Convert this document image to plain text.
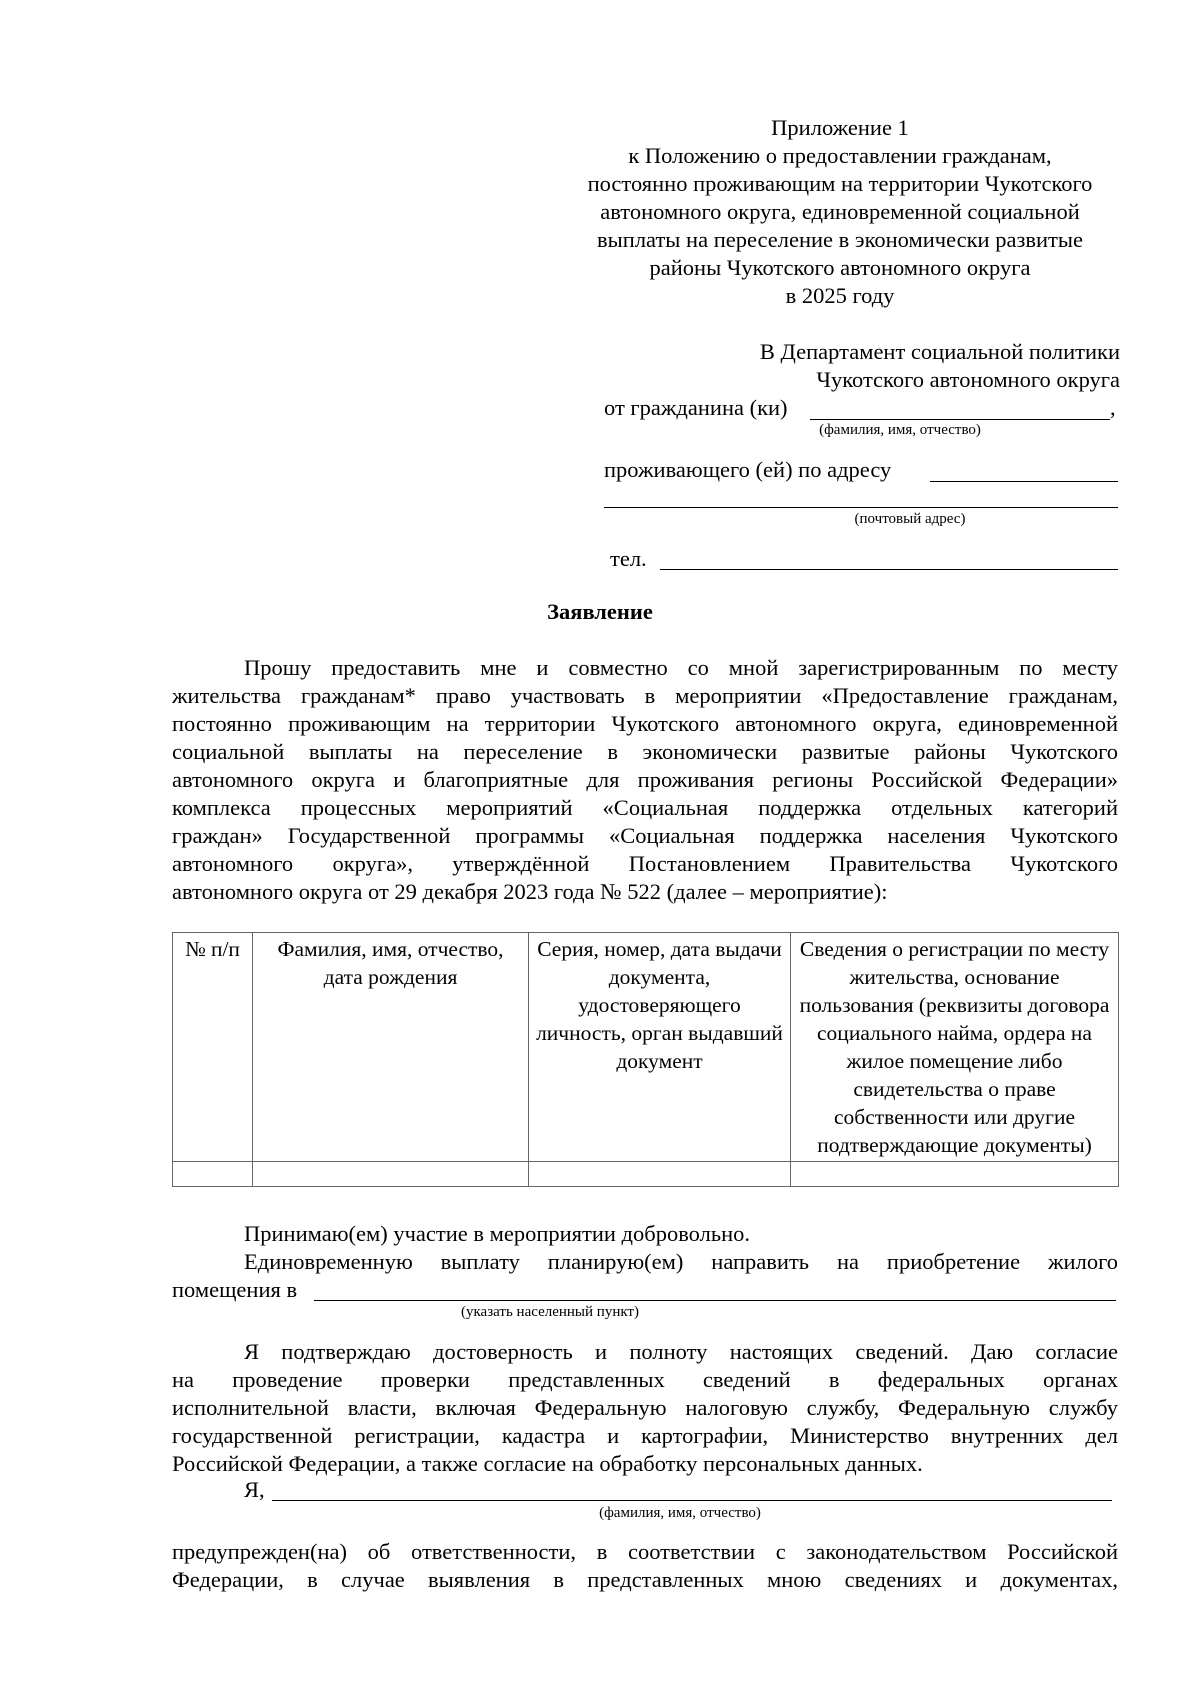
Приложение 1
к Положению о предоставлении гражданам,
постоянно проживающим на территории Чукотского
автономного округа, единовременной социальной
выплаты на переселение в экономически развитые
районы Чукотского автономного округа
в 2025 году
В Департамент социальной политики
Чукотского автономного округа
от гражданина (ки)	,
(фамилия, имя, отчество)
проживающего (ей) по адресу
(почтовый адрес)
тел.
Заявление
Прошу предоставить мне и совместно со мной зарегистрированным по месту
жительства гражданам* право участвовать в мероприятии «Предоставление гражданам,
постоянно проживающим на территории Чукотского автономного округа, единовременной
социальной выплаты на переселение в экономически развитые районы Чукотского
автономного округа и благоприятные для проживания регионы Российской Федерации»
комплекса процессных мероприятий «Социальная поддержка отдельных категорий
граждан» Государственной программы «Социальная поддержка населения Чукотского
автономного округа», утверждённой Постановлением Правительства Чукотского
автономного округа от 29 декабря 2023 года № 522 (далее – мероприятие):
№ п/п	Фамилия, имя, отчество, дата рождения	Серия, номер, дата выдачи документа, удостоверяющего личность, орган выдавший документ	Сведения о регистрации по месту жительства, основание пользования (реквизиты договора социального найма, ордера на жилое помещение либо свидетельства о праве собственности или другие подтверждающие документы)

Принимаю(ем) участие в мероприятии добровольно.
Единовременную выплату планирую(ем) направить на приобретение жилого
помещения в
(указать населенный пункт)
Я подтверждаю достоверность и полноту настоящих сведений. Даю согласие
на проведение проверки представленных сведений в федеральных органах
исполнительной власти, включая Федеральную налоговую службу, Федеральную службу
государственной регистрации, кадастра и картографии, Министерство внутренних дел
Российской Федерации, а также согласие на обработку персональных данных.
Я,
(фамилия, имя, отчество)
предупрежден(на) об ответственности, в соответствии с законодательством Российской
Федерации, в случае выявления в представленных мною сведениях и документах,
